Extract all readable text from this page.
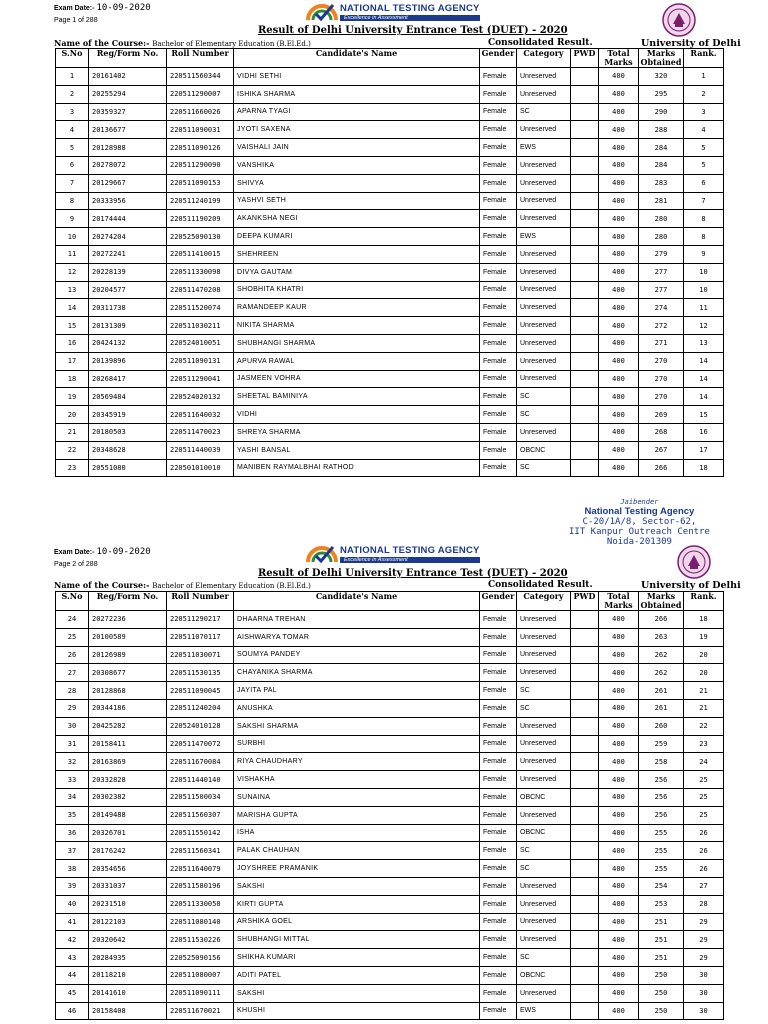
Exam Date:- 10-09-2020
Page 1 of 288
NATIONAL TESTING AGENCY
Excellence in Assessment
Result of Delhi University Entrance Test (DUET) - 2020
Name of the Course:- Bachelor of Elementary Education (B.El.Ed.)	Consolidated Result.	University of Delhi
S.No	Reg/Form No.	Roll Number	Candidate's Name	Gender	Category	PWD	Total Marks	Marks Obtained	Rank.
1	20161402	220511560344	VIDHI SETHI	Female	Unreserved		400	320	1
2	20255294	220511290007	ISHIKA SHARMA	Female	Unreserved		400	295	2
3	20359327	220511660026	APARNA TYAGI	Female	SC		400	290	3
4	20136677	220511090031	JYOTI SAXENA	Female	Unreserved		400	288	4
5	20128988	220511090126	VAISHALI JAIN	Female	EWS		400	284	5
6	20278072	220511290090	VANSHIKA	Female	Unreserved		400	284	5
7	20129667	220511090153	SHIVYA	Female	Unreserved		400	283	6
8	20333956	220511240199	YASHVI SETH	Female	Unreserved		400	281	7
9	20174444	220511190209	AKANKSHA NEGI	Female	Unreserved		400	280	8
10	20274204	220525090130	DEEPA KUMARI	Female	EWS		400	280	8
11	20272241	220511410015	SHEHREEN	Female	Unreserved		400	279	9
12	20228139	220511330098	DIVYA GAUTAM	Female	Unreserved		400	277	10
13	20204577	220511470208	SHOBHITA KHATRI	Female	Unreserved		400	277	10
14	20311738	220511520074	RAMANDEEP KAUR	Female	Unreserved		400	274	11
15	20131309	220511030211	NIKITA SHARMA	Female	Unreserved		400	272	12
16	20424132	220524010051	SHUBHANGI SHARMA	Female	Unreserved		400	271	13
17	20139896	220511090131	APURVA RAWAL	Female	Unreserved		400	270	14
18	20268417	220511290041	JASMEEN VOHRA	Female	Unreserved		400	270	14
19	20569484	220524020132	SHEETAL BAMINIYA	Female	SC		400	270	14
20	20345919	220511640032	VIDHI	Female	SC		400	269	15
21	20180503	220511470023	SHREYA SHARMA	Female	Unreserved		400	268	16
22	20348628	220511440039	YASHI BANSAL	Female	OBCNC		400	267	17
23	20551080	220501010010	MANIBEN RAYMALBHAI RATHOD	Female	SC		400	266	18
Jaibender
National Testing Agency
C-20/1A/8, Sector-62,
IIT Kanpur Outreach Centre
Noida-201309
Exam Date:- 10-09-2020
Page 2 of 288
NATIONAL TESTING AGENCY
Excellence in Assessment
Result of Delhi University Entrance Test (DUET) - 2020
Name of the Course:- Bachelor of Elementary Education (B.El.Ed.)	Consolidated Result.	University of Delhi
S.No	Reg/Form No.	Roll Number	Candidate's Name	Gender	Category	PWD	Total Marks	Marks Obtained	Rank.
24	20272236	220511290217	DHAARNA TREHAN	Female	Unreserved		400	266	18
25	20100589	220511070117	AISHWARYA TOMAR	Female	Unreserved		400	263	19
26	20126989	220511030071	SOUMYA PANDEY	Female	Unreserved		400	262	20
27	20308677	220511530135	CHAYANIKA SHARMA	Female	Unreserved		400	262	20
28	20128868	220511090045	JAYITA PAL	Female	SC		400	261	21
29	20344186	220511240204	ANUSHKA	Female	SC		400	261	21
30	20425282	220524010128	SAKSHI SHARMA	Female	Unreserved		400	260	22
31	20158411	220511470072	SURBHI	Female	Unreserved		400	259	23
32	20163869	220511670084	RIYA CHAUDHARY	Female	Unreserved		400	258	24
33	20332828	220511440140	VISHAKHA	Female	Unreserved		400	256	25
34	20302382	220511500034	SUNAINA	Female	OBCNC		400	256	25
35	20149488	220511560307	MARISHA GUPTA	Female	Unreserved		400	256	25
36	20326701	220511550142	ISHA	Female	OBCNC		400	255	26
37	20176242	220511560341	PALAK CHAUHAN	Female	SC		400	255	26
38	20354656	220511640079	JOYSHREE PRAMANIK	Female	SC		400	255	26
39	20331037	220511580196	SAKSHI	Female	Unreserved		400	254	27
40	20231510	220511330050	KIRTI GUPTA	Female	Unreserved		400	253	28
41	20122103	220511080140	ARSHIKA GOEL	Female	Unreserved		400	251	29
42	20320642	220511530226	SHUBHANGI MITTAL	Female	Unreserved		400	251	29
43	20284935	220525090156	SHIKHA KUMARI	Female	SC		400	251	29
44	20118210	220511080007	ADITI PATEL	Female	OBCNC		400	250	30
45	20141610	220511090111	SAKSHI	Female	Unreserved		400	250	30
46	20158408	220511670021	KHUSHI	Female	EWS		400	250	30
